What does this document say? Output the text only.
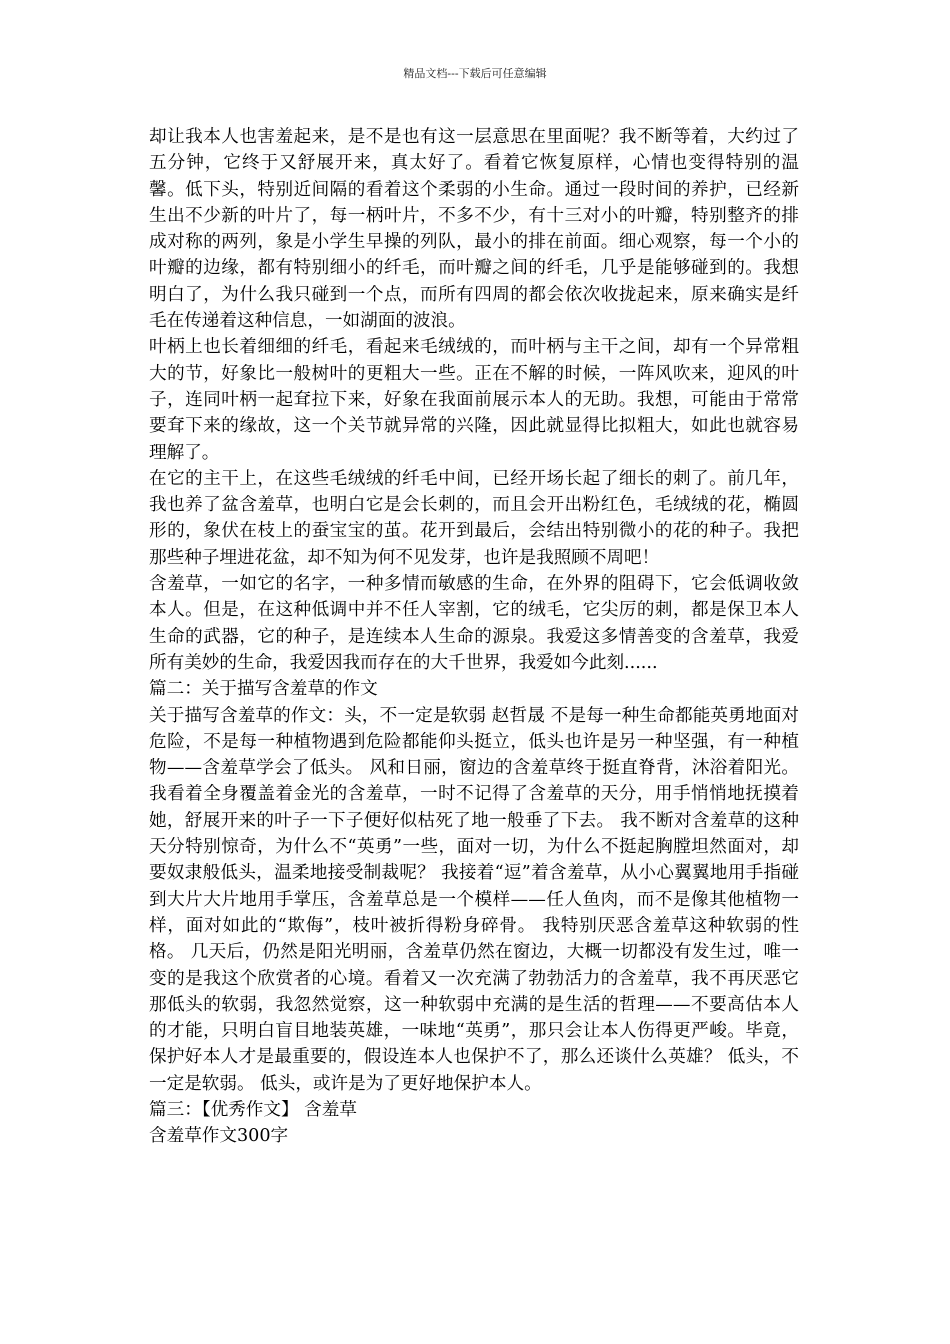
精品文档---下载后可任意编辑

却让我本人也害羞起来，是不是也有这一层意思在里面呢？我不断等着，大约过了五分钟，它终于又舒展开来，真太好了。看着它恢复原样，心情也变得特别的温馨。低下头，特别近间隔的看着这个柔弱的小生命。通过一段时间的养护，已经新生出不少新的叶片了，每一柄叶片，不多不少，有十三对小的叶瓣，特别整齐的排成对称的两列，象是小学生早操的列队，最小的排在前面。细心观察，每一个小的叶瓣的边缘，都有特别细小的纤毛，而叶瓣之间的纤毛，几乎是能够碰到的。我想明白了，为什么我只碰到一个点，而所有四周的都会依次收拢起来，原来确实是纤毛在传递着这种信息，一如湖面的波浪。

叶柄上也长着细细的纤毛，看起来毛绒绒的，而叶柄与主干之间，却有一个异常粗大的节，好象比一般树叶的更粗大一些。正在不解的时候，一阵风吹来，迎风的叶子，连同叶柄一起耷拉下来，好象在我面前展示本人的无助。我想，可能由于常常要耷下来的缘故，这一个关节就异常的兴隆，因此就显得比拟粗大，如此也就容易理解了。

在它的主干上，在这些毛绒绒的纤毛中间，已经开场长起了细长的刺了。前几年，我也养了盆含羞草，也明白它是会长刺的，而且会开出粉红色，毛绒绒的花，椭圆形的，象伏在枝上的蚕宝宝的茧。花开到最后，会结出特别微小的花的种子。我把那些种子埋进花盆，却不知为何不见发芽，也许是我照顾不周吧！

含羞草，一如它的名字，一种多情而敏感的生命，在外界的阻碍下，它会低调收敛本人。但是，在这种低调中并不任人宰割，它的绒毛，它尖厉的刺，都是保卫本人生命的武器，它的种子，是连续本人生命的源泉。我爱这多情善变的含羞草，我爱所有美妙的生命，我爱因我而存在的大千世界，我爱如今此刻......

篇二：关于描写含羞草的作文

关于描写含羞草的作文：头，不一定是软弱 赵哲晟 不是每一种生命都能英勇地面对危险，不是每一种植物遇到危险都能仰头挺立，低头也许是另一种坚强，有一种植物——含羞草学会了低头。 风和日丽，窗边的含羞草终于挺直脊背，沐浴着阳光。我看着全身覆盖着金光的含羞草，一时不记得了含羞草的天分，用手悄悄地抚摸着她，舒展开来的叶子一下子便好似枯死了地一般垂了下去。 我不断对含羞草的这种天分特别惊奇，为什么不“英勇”一些，面对一切，为什么不挺起胸膛坦然面对，却要奴隶般低头，温柔地接受制裁呢？ 我接着“逗”着含羞草，从小心翼翼地用手指碰到大片大片地用手掌压，含羞草总是一个模样——任人鱼肉，而不是像其他植物一样，面对如此的“欺侮”，枝叶被折得粉身碎骨。 我特别厌恶含羞草这种软弱的性格。 几天后，仍然是阳光明丽，含羞草仍然在窗边，大概一切都没有发生过，唯一变的是我这个欣赏者的心境。看着又一次充满了勃勃活力的含羞草，我不再厌恶它那低头的软弱，我忽然觉察，这一种软弱中充满的是生活的哲理——不要高估本人的才能，只明白盲目地装英雄，一味地“英勇”，那只会让本人伤得更严峻。毕竟，保护好本人才是最重要的，假设连本人也保护不了，那么还谈什么英雄？ 低头，不一定是软弱。 低头，或许是为了更好地保护本人。

篇三：【优秀作文】 含羞草

含羞草作文300字
